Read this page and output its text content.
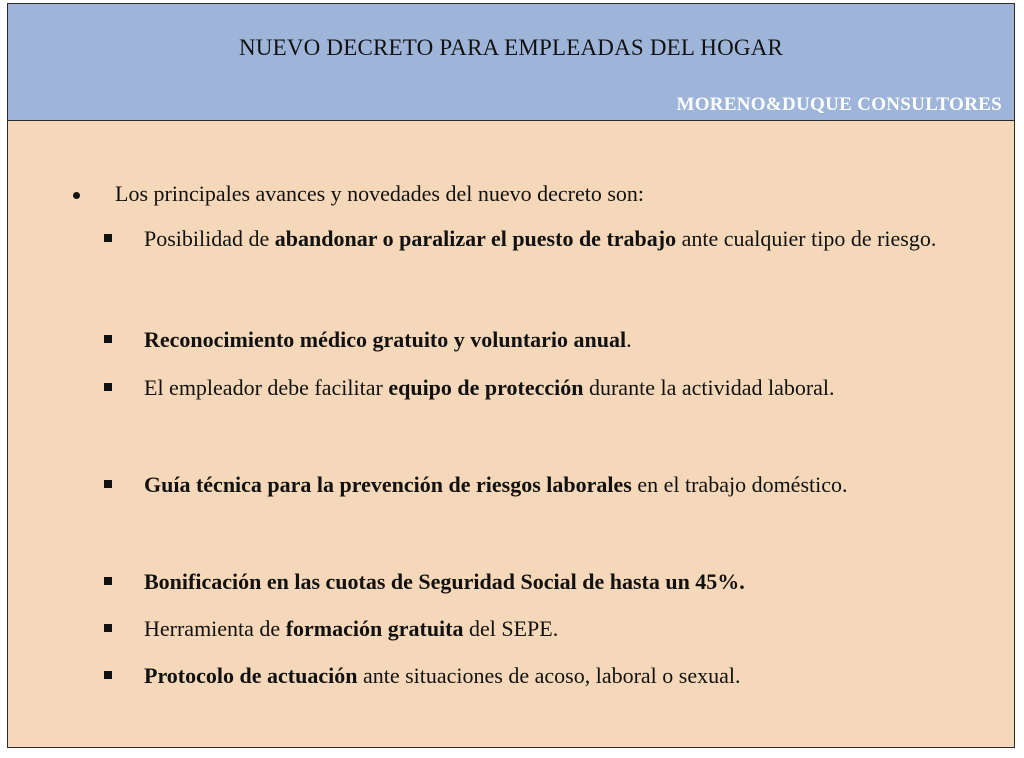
NUEVO DECRETO PARA EMPLEADAS DEL HOGAR
MORENO&DUQUE CONSULTORES
Los principales avances y novedades del nuevo decreto son:
Posibilidad de abandonar o paralizar el puesto de trabajo ante cualquier tipo de riesgo.
Reconocimiento médico gratuito y voluntario anual.
El empleador debe facilitar equipo de protección durante la actividad laboral.
Guía técnica para la prevención de riesgos laborales en el trabajo doméstico.
Bonificación en las cuotas de Seguridad Social de hasta un 45%.
Herramienta de formación gratuita del SEPE.
Protocolo de actuación ante situaciones de acoso, laboral o sexual.
